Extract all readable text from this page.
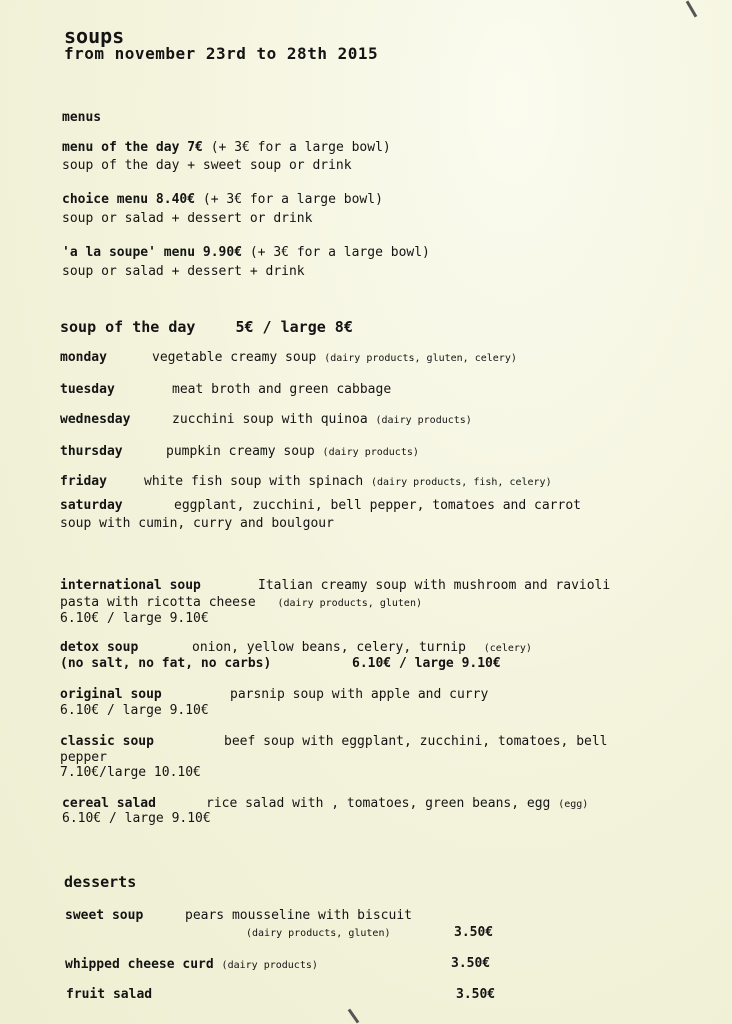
soups
from november 23rd to 28th 2015
menus
menu of the day 7€ (+ 3€ for a large bowl)
soup of the day + sweet soup or drink
choice menu 8.40€ (+ 3€ for a large bowl)
soup or salad + dessert or drink
'a la soupe' menu 9.90€ (+ 3€ for a large bowl)
soup or salad + dessert + drink
soup of the day	5€ / large 8€
monday	vegetable creamy soup (dairy products, gluten, celery)
tuesday	meat broth and green cabbage
wednesday	zucchini soup with quinoa (dairy products)
thursday	pumpkin creamy soup (dairy products)
friday	white fish soup with spinach (dairy products, fish, celery)
saturday	eggplant, zucchini, bell pepper, tomatoes and carrot
soup with cumin, curry and boulgour
international soup	Italian creamy soup with mushroom and ravioli
pasta with ricotta cheese (dairy products, gluten)
6.10€ / large 9.10€
detox soup	onion, yellow beans, celery, turnip (celery)
(no salt, no fat, no carbs)	6.10€ / large 9.10€
original soup	parsnip soup with apple and curry
6.10€ / large 9.10€
classic soup	beef soup with eggplant, zucchini, tomatoes, bell
pepper
7.10€/large 10.10€
cereal salad	rice salad with , tomatoes, green beans, egg (egg)
6.10€ / large 9.10€
desserts
sweet soup	pears mousseline with biscuit
(dairy products, gluten)	3.50€
whipped cheese curd (dairy products)	3.50€
fruit salad	3.50€
